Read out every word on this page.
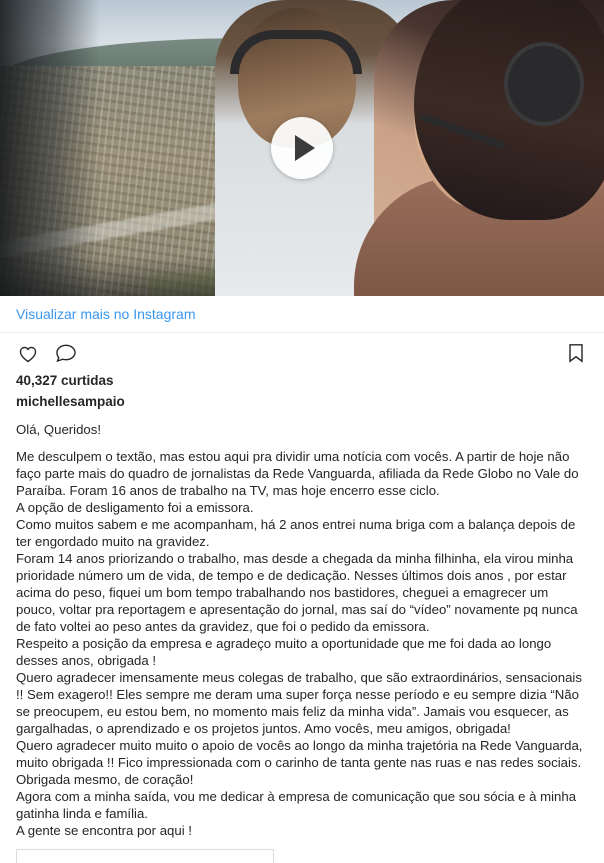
Visualizar mais no Instagram
40,327 curtidas
michellesampaio

Olá, Queridos!

Me desculpem o textão, mas estou aqui pra dividir uma notícia com vocês. A partir de hoje não faço parte mais do quadro de jornalistas da Rede Vanguarda, afiliada da Rede Globo no Vale do Paraíba. Foram 16 anos de trabalho na TV, mas hoje encerro esse ciclo.

A opção de desligamento foi a emissora.

Como muitos sabem e me acompanham, há 2 anos entrei numa briga com a balança depois de ter engordado muito na gravidez.

Foram 14 anos priorizando o trabalho, mas desde a chegada da minha filhinha, ela virou minha prioridade número um de vida, de tempo e de dedicação. Nesses últimos dois anos , por estar acima do peso, fiquei um bom tempo trabalhando nos bastidores, cheguei a emagrecer um pouco, voltar pra reportagem e apresentação do jornal, mas saí do “vídeo” novamente pq nunca de fato voltei ao peso antes da gravidez, que foi o pedido da emissora.

Respeito a posição da empresa e agradeço muito a oportunidade que me foi dada ao longo desses anos, obrigada !

Quero agradecer imensamente meus colegas de trabalho, que são extraordinários, sensacionais !! Sem exagero!! Eles sempre me deram uma super força nesse período e eu sempre dizia “Não se preocupem, eu estou bem, no momento mais feliz da minha vida”. Jamais vou esquecer, as gargalhadas, o aprendizado e os projetos juntos. Amo vocês, meu amigos, obrigada!

Quero agradecer muito muito o apoio de vocês ao longo da minha trajetória na Rede Vanguarda, muito obrigada !! Fico impressionada com o carinho de tanta gente nas ruas e nas redes sociais. Obrigada mesmo, de coração!

Agora com a minha saída, vou me dedicar à empresa de comunicação que sou sócia e à minha gatinha linda e família.

A gente se encontra por aqui !
